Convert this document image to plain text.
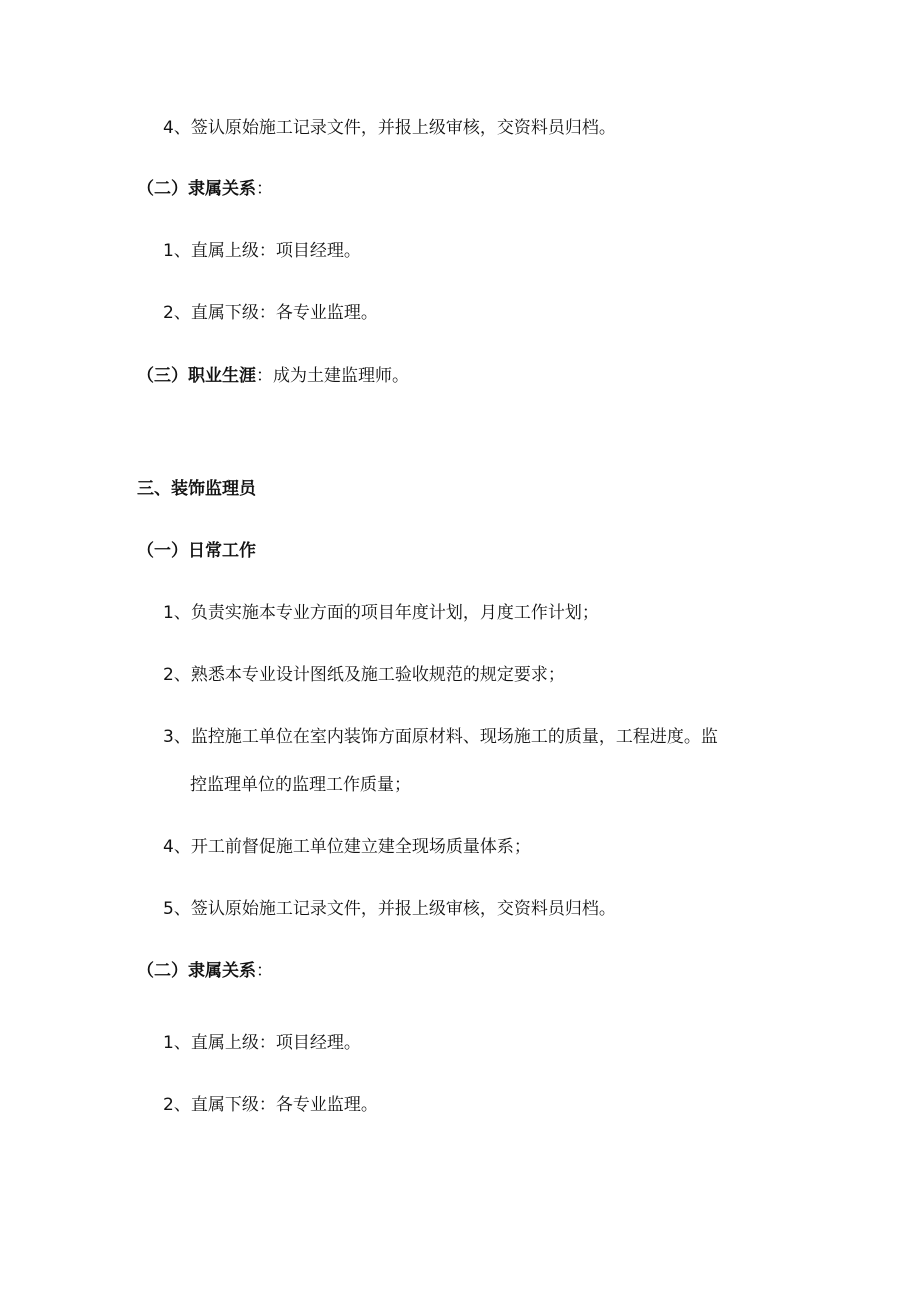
4、签认原始施工记录文件，并报上级审核，交资料员归档。
（二）隶属关系：
1、直属上级：项目经理。
2、直属下级：各专业监理。
（三）职业生涯：成为土建监理师。
三、装饰监理员
（一）日常工作
1、负责实施本专业方面的项目年度计划，月度工作计划；
2、熟悉本专业设计图纸及施工验收规范的规定要求；
3、监控施工单位在室内装饰方面原材料、现场施工的质量，工程进度。监
控监理单位的监理工作质量；
4、开工前督促施工单位建立建全现场质量体系；
5、签认原始施工记录文件，并报上级审核，交资料员归档。
（二）隶属关系：
1、直属上级：项目经理。
2、直属下级：各专业监理。
